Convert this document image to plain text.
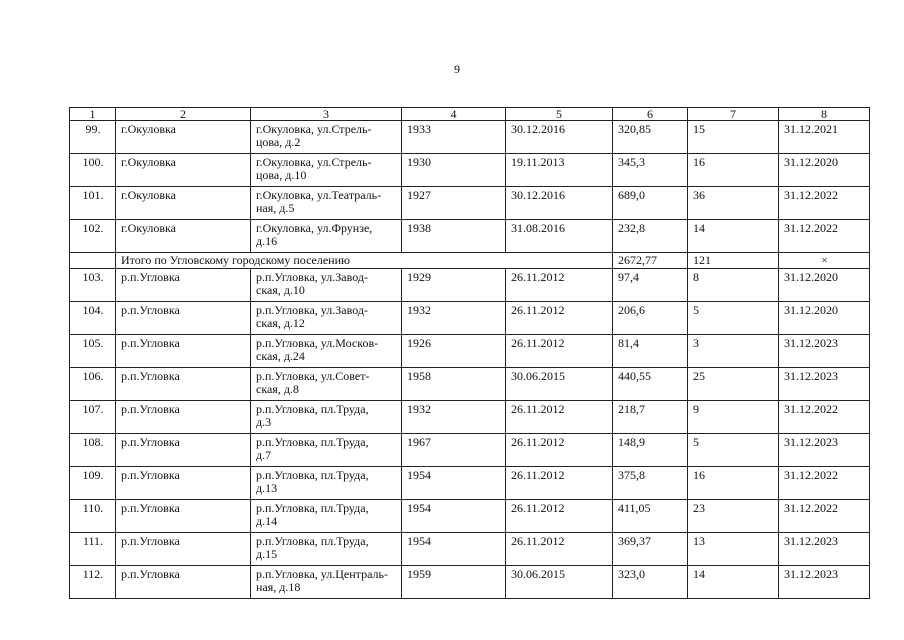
9
1	2	3	4	5	6	7	8
99.	г.Окуловка	г.Окуловка, ул.Стрель-
цова, д.2	1933	30.12.2016	320,85	15	31.12.2021
100.	г.Окуловка	г.Окуловка, ул.Стрель-
цова, д.10	1930	19.11.2013	345,3	16	31.12.2020
101.	г.Окуловка	г.Окуловка, ул.Театраль-
ная, д.5	1927	30.12.2016	689,0	36	31.12.2022
102.	г.Окуловка	г.Окуловка, ул.Фрунзе,
д.16	1938	31.08.2016	232,8	14	31.12.2022
	Итого по Угловскому городскому поселению				2672,77	121	×
103.	р.п.Угловка	р.п.Угловка, ул.Завод-
ская, д.10	1929	26.11.2012	97,4	8	31.12.2020
104.	р.п.Угловка	р.п.Угловка, ул.Завод-
ская, д.12	1932	26.11.2012	206,6	5	31.12.2020
105.	р.п.Угловка	р.п.Угловка, ул.Москов-
ская, д.24	1926	26.11.2012	81,4	3	31.12.2023
106.	р.п.Угловка	р.п.Угловка, ул.Совет-
ская, д.8	1958	30.06.2015	440,55	25	31.12.2023
107.	р.п.Угловка	р.п.Угловка, пл.Труда,
д.3	1932	26.11.2012	218,7	9	31.12.2022
108.	р.п.Угловка	р.п.Угловка, пл.Труда,
д.7	1967	26.11.2012	148,9	5	31.12.2023
109.	р.п.Угловка	р.п.Угловка, пл.Труда,
д.13	1954	26.11.2012	375,8	16	31.12.2022
110.	р.п.Угловка	р.п.Угловка, пл.Труда,
д.14	1954	26.11.2012	411,05	23	31.12.2022
111.	р.п.Угловка	р.п.Угловка, пл.Труда,
д.15	1954	26.11.2012	369,37	13	31.12.2023
112.	р.п.Угловка	р.п.Угловка, ул.Централь-
ная, д.18	1959	30.06.2015	323,0	14	31.12.2023
